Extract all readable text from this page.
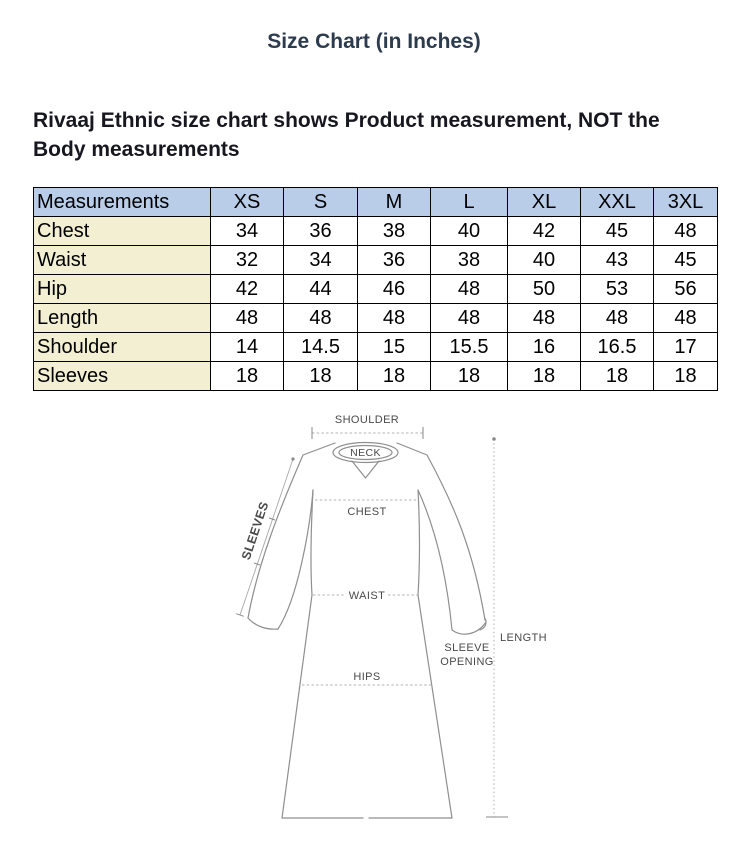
Size Chart (in Inches)

Rivaaj Ethnic size chart shows Product measurement, NOT the Body measurements

Measurements	XS	S	M	L	XL	XXL	3XL
Chest	34	36	38	40	42	45	48
Waist	32	34	36	38	40	43	45
Hip	42	44	46	48	50	53	56
Length	48	48	48	48	48	48	48
Shoulder	14	14.5	15	15.5	16	16.5	17
Sleeves	18	18	18	18	18	18	18
SHOULDER
NECK
SLEEVES	CHEST
WAIST
HIPS
SLEEVE
OPENING
LENGTH
